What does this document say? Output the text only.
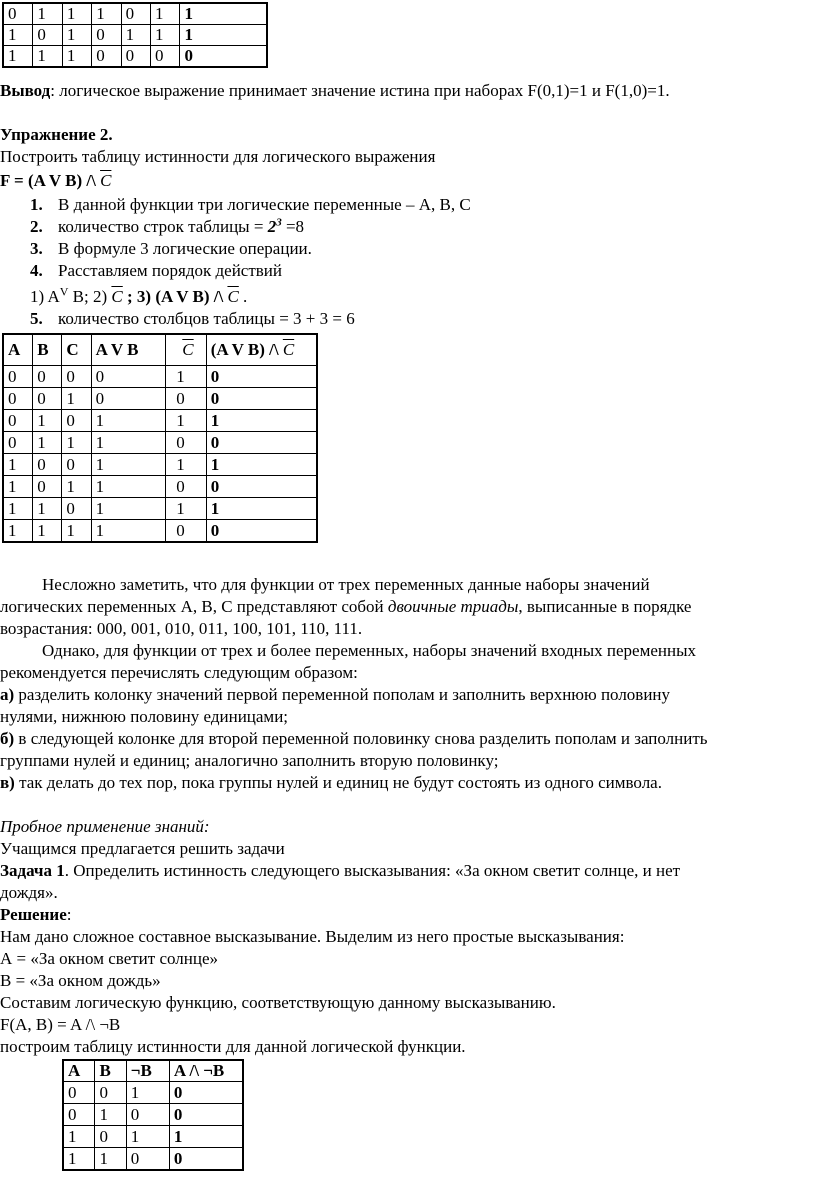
0	1	1	1	0	1	1
1	0	1	0	1	1	1
1	1	1	0	0	0	0
Вывод: логическое выражение принимает значение истина при наборах F(0,1)=1 и F(1,0)=1.
Упражнение 2.
Построить таблицу истинности для логического выражения
F = (A V B) /\ $\overline{C}$
1. В данной функции три логические переменные – А, В, С
2. количество строк таблицы = $2^3 =8$
3. В формуле 3 логические операции.
4. Расставляем порядок действий
1) $A^V$ B; 2) $\overline{C}$ ; 3) (A V B) /\ $\overline{C}$ .
5. количество столбцов таблицы = 3 + 3 = 6
A	B	C	A V B	$\overline{C}$	(A V B) /\ $\overline{C}$
0	0	0	0	1	0
0	0	1	0	0	0
0	1	0	1	1	1
0	1	1	1	0	0
1	0	0	1	1	1
1	0	1	1	0	0
1	1	0	1	1	1
1	1	1	1	0	0
Несложно заметить, что для функции от трех переменных данные наборы значений
логических переменных А, В, С представляют собой двоичные триады, выписанные в порядке
возрастания: 000, 001, 010, 011, 100, 101, 110, 111.
Однако, для функции от трех и более переменных, наборы значений входных переменных
рекомендуется перечислять следующим образом:
а) разделить колонку значений первой переменной пополам и заполнить верхнюю половину
нулями, нижнюю половину единицами;
б) в следующей колонке для второй переменной половинку снова разделить пополам и заполнить
группами нулей и единиц; аналогично заполнить вторую половинку;
в) так делать до тех пор, пока группы нулей и единиц не будут состоять из одного символа.
Пробное применение знаний:
Учащимся предлагается решить задачи
Задача 1. Определить истинность следующего высказывания: «За окном светит солнце, и нет
дождя».
Решение:
Нам дано сложное составное высказывание. Выделим из него простые высказывания:
А = «За окном светит солнце»
В = «За окном дождь»
Составим логическую функцию, соответствующую данному высказыванию.
F(A, B) = A /\ ¬B
построим таблицу истинности для данной логической функции.
A	B	¬B	A /\ ¬B
0	0	1	0
0	1	0	0
1	0	1	1
1	1	0	0
